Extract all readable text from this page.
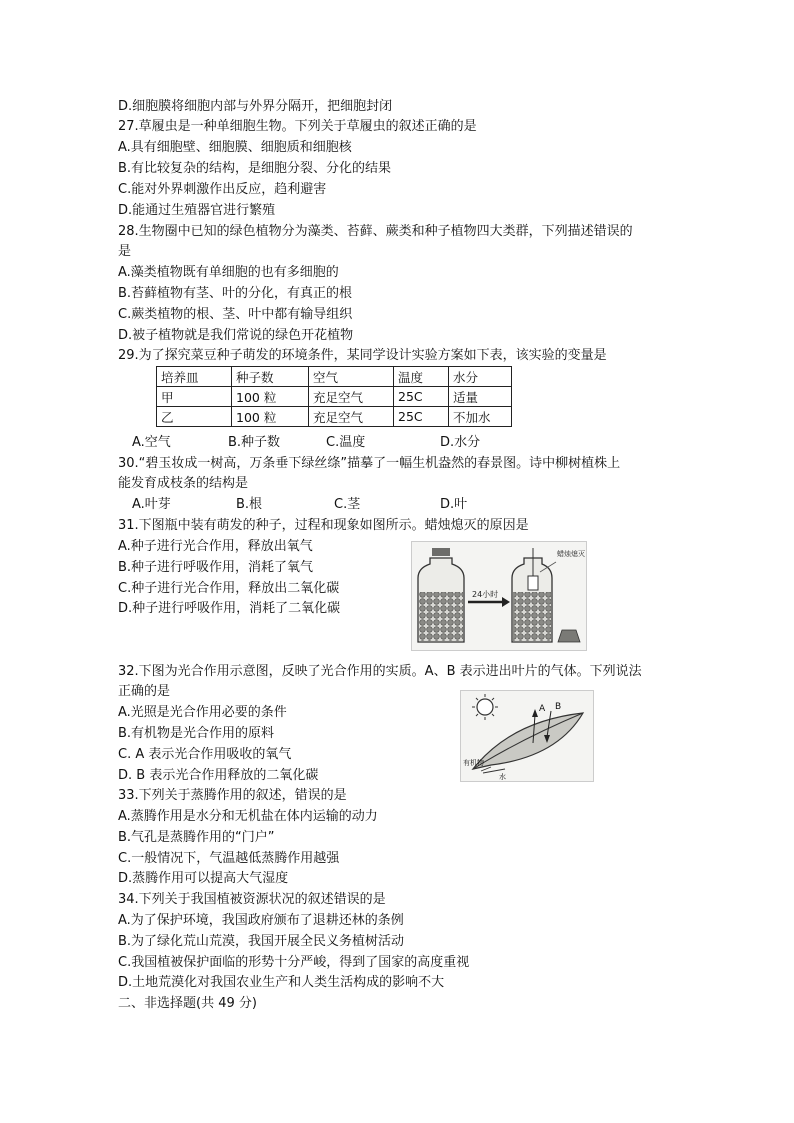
D.细胞膜将细胞内部与外界分隔开，把细胞封闭
27.草履虫是一种单细胞生物。下列关于草履虫的叙述正确的是
A.具有细胞壁、细胞膜、细胞质和细胞核
B.有比较复杂的结构，是细胞分裂、分化的结果
C.能对外界刺激作出反应，趋利避害
D.能通过生殖器官进行繁殖
28.生物圈中已知的绿色植物分为藻类、苔藓、蕨类和种子植物四大类群，下列描述错误的
是
A.藻类植物既有单细胞的也有多细胞的
B.苔藓植物有茎、叶的分化，有真正的根
C.蕨类植物的根、茎、叶中都有输导组织
D.被子植物就是我们常说的绿色开花植物
29.为了探究菜豆种子萌发的环境条件，某同学设计实验方案如下表，该实验的变量是
培养皿	种子数	空气	温度	水分
甲	100 粒	充足空气	25C	适量
乙	100 粒	充足空气	25C	不加水
A.空气	B.种子数	C.温度	D.水分
30.“碧玉妆成一树高，万条垂下绿丝绦”描摹了一幅生机盎然的春景图。诗中柳树植株上
能发育成枝条的结构是
A.叶芽	B.根	C.茎	D.叶
31.下图瓶中装有萌发的种子，过程和现象如图所示。蜡烛熄灭的原因是
A.种子进行光合作用，释放出氧气
B.种子进行呼吸作用，消耗了氧气
C.种子进行光合作用，释放出二氧化碳
D.种子进行呼吸作用，消耗了二氧化碳
24小时
蜡烛熄灭
32.下图为光合作用示意图，反映了光合作用的实质。A、B 表示进出叶片的气体。下列说法
正确的是
A.光照是光合作用必要的条件
B.有机物是光合作用的原料
C. A 表示光合作用吸收的氧气
D. B 表示光合作用释放的二氧化碳
A B
有机物
水
33.下列关于蒸腾作用的叙述，错误的是
A.蒸腾作用是水分和无机盐在体内运输的动力
B.气孔是蒸腾作用的“门户”
C.一般情况下，气温越低蒸腾作用越强
D.蒸腾作用可以提高大气湿度
34.下列关于我国植被资源状况的叙述错误的是
A.为了保护环境，我国政府颁布了退耕还林的条例
B.为了绿化荒山荒漠，我国开展全民义务植树活动
C.我国植被保护面临的形势十分严峻，得到了国家的高度重视
D.土地荒漠化对我国农业生产和人类生活构成的影响不大
二、非选择题(共 49 分)
